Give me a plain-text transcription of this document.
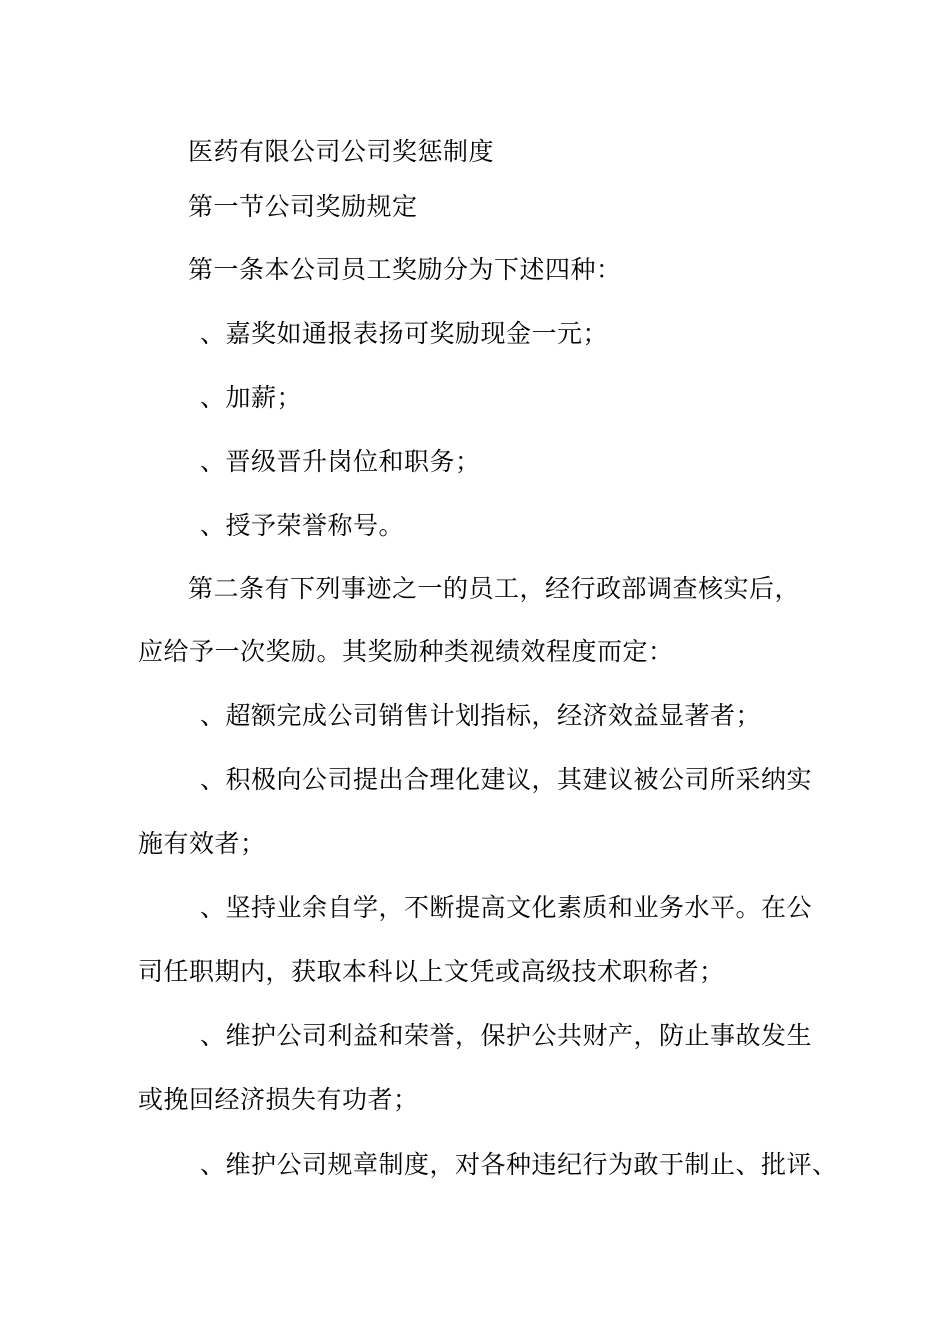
医药有限公司公司奖惩制度
第一节公司奖励规定
第一条本公司员工奖励分为下述四种：
、嘉奖如通报表扬可奖励现金一元；
、加薪；
、晋级晋升岗位和职务；
、授予荣誉称号。
第二条有下列事迹之一的员工，经行政部调查核实后，
应给予一次奖励。其奖励种类视绩效程度而定：
、超额完成公司销售计划指标，经济效益显著者；
、积极向公司提出合理化建议，其建议被公司所采纳实
施有效者；
、坚持业余自学，不断提高文化素质和业务水平。在公
司任职期内，获取本科以上文凭或高级技术职称者；
、维护公司利益和荣誉，保护公共财产，防止事故发生
或挽回经济损失有功者；
、维护公司规章制度，对各种违纪行为敢于制止、批评、
